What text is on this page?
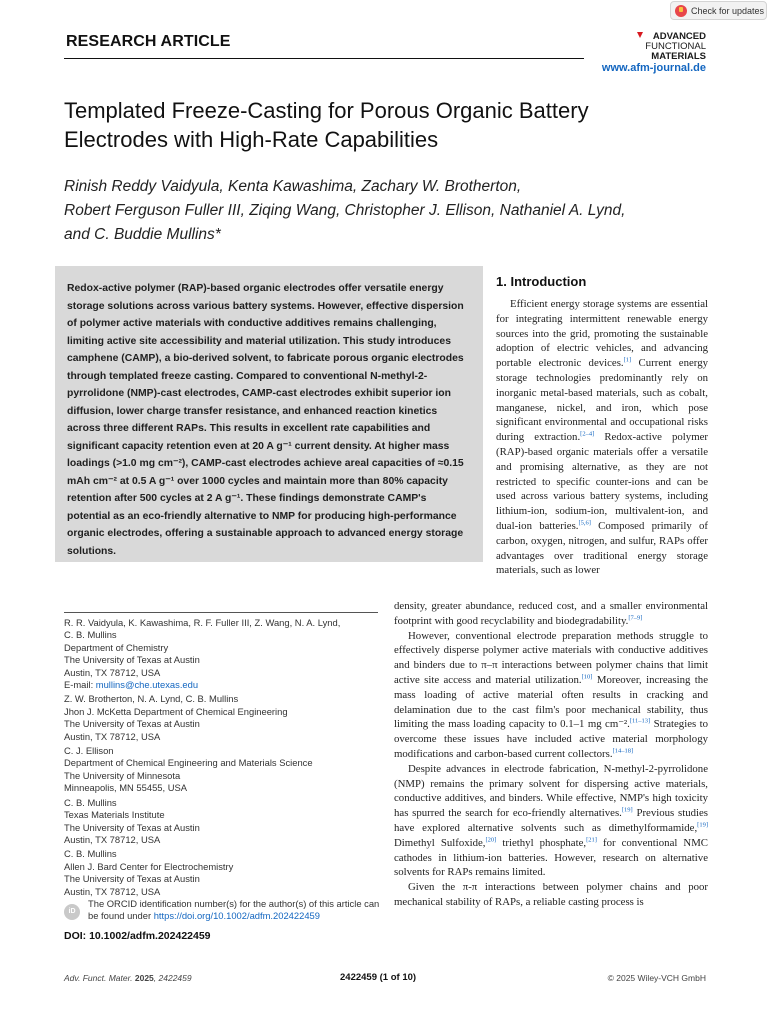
Check for updates
RESEARCH ARTICLE	ADVANCED
FUNCTIONAL
MATERIALS
www.afm-journal.de
Templated Freeze-Casting for Porous Organic Battery Electrodes with High-Rate Capabilities
Rinish Reddy Vaidyula, Kenta Kawashima, Zachary W. Brotherton,
Robert Ferguson Fuller III, Ziqing Wang, Christopher J. Ellison, Nathaniel A. Lynd,
and C. Buddie Mullins*

Redox-active polymer (RAP)-based organic electrodes offer versatile energy storage solutions across various battery systems. However, effective dispersion of polymer active materials with conductive additives remains challenging, limiting active site accessibility and material utilization. This study introduces camphene (CAMP), a bio-derived solvent, to fabricate porous organic electrodes through templated freeze casting. Compared to conventional N-methyl-2-pyrrolidone (NMP)-cast electrodes, CAMP-cast electrodes exhibit superior ion diffusion, lower charge transfer resistance, and enhanced reaction kinetics across three different RAPs. This results in excellent rate capabilities and significant capacity retention even at 20 A g⁻¹ current density. At higher mass loadings (>1.0 mg cm⁻²), CAMP-cast electrodes achieve areal capacities of ≈0.15 mAh cm⁻² at 0.5 A g⁻¹ over 1000 cycles and maintain more than 80% capacity retention after 500 cycles at 2 A g⁻¹. These findings demonstrate CAMP's potential as an eco-friendly alternative to NMP for producing high-performance organic electrodes, offering a sustainable approach to advanced energy storage solutions.

R. R. Vaidyula, K. Kawashima, R. F. Fuller III, Z. Wang, N. A. Lynd,
C. B. Mullins
Department of Chemistry
The University of Texas at Austin
Austin, TX 78712, USA
E-mail: mullins@che.utexas.edu
Z. W. Brotherton, N. A. Lynd, C. B. Mullins
Jhon J. McKetta Department of Chemical Engineering
The University of Texas at Austin
Austin, TX 78712, USA
C. J. Ellison
Department of Chemical Engineering and Materials Science
The University of Minnesota
Minneapolis, MN 55455, USA
C. B. Mullins
Texas Materials Institute
The University of Texas at Austin
Austin, TX 78712, USA
C. B. Mullins
Allen J. Bard Center for Electrochemistry
The University of Texas at Austin
Austin, TX 78712, USA
iD
The ORCID identification number(s) for the author(s) of this article can be found under https://doi.org/10.1002/adfm.202422459
DOI: 10.1002/adfm.202422459
1. Introduction

Efficient energy storage systems are essential for integrating intermittent renewable energy sources into the grid, promoting the sustainable adoption of electric vehicles, and advancing portable electronic devices.[1] Current energy storage technologies predominantly rely on inorganic metal-based materials, such as cobalt, manganese, nickel, and iron, which pose significant environmental and occupational risks during extraction.[2–4] Redox-active polymer (RAP)-based organic materials offer a versatile and promising alternative, as they are not restricted to specific counter-ions and can be used across various battery systems, including lithium-ion, sodium-ion, multivalent-ion, and dual-ion batteries.[5,6] Composed primarily of carbon, oxygen, nitrogen, and sulfur, RAPs offer advantages over traditional energy storage materials, such as lower

density, greater abundance, reduced cost, and a smaller environmental footprint with good recyclability and biodegradability.[7–9]

However, conventional electrode preparation methods struggle to effectively disperse polymer active materials with conductive additives and binders due to π–π interactions between polymer chains that limit active site access and material utilization.[10] Moreover, increasing the mass loading of active material often results in cracking and delamination due to the cast film's poor mechanical stability, thus limiting the mass loading capacity to 0.1–1 mg cm⁻².[11–13] Strategies to overcome these issues have included active material morphology modifications and carbon-based current collectors.[14–18]

Despite advances in electrode fabrication, N-methyl-2-pyrrolidone (NMP) remains the primary solvent for dispersing active materials, conductive additives, and binders. While effective, NMP's high toxicity has spurred the search for eco-friendly alternatives.[19] Previous studies have explored alternative solvents such as dimethylformamide,[19] Dimethyl Sulfoxide,[20] triethyl phosphate,[21] for conventional NMC cathodes in lithium-ion batteries. However, research on alternative solvents for RAPs remains limited.

Given the π-π interactions between polymer chains and poor mechanical stability of RAPs, a reliable casting process is

Adv. Funct. Mater. 2025, 2422459	2422459 (1 of 10)	© 2025 Wiley-VCH GmbH
